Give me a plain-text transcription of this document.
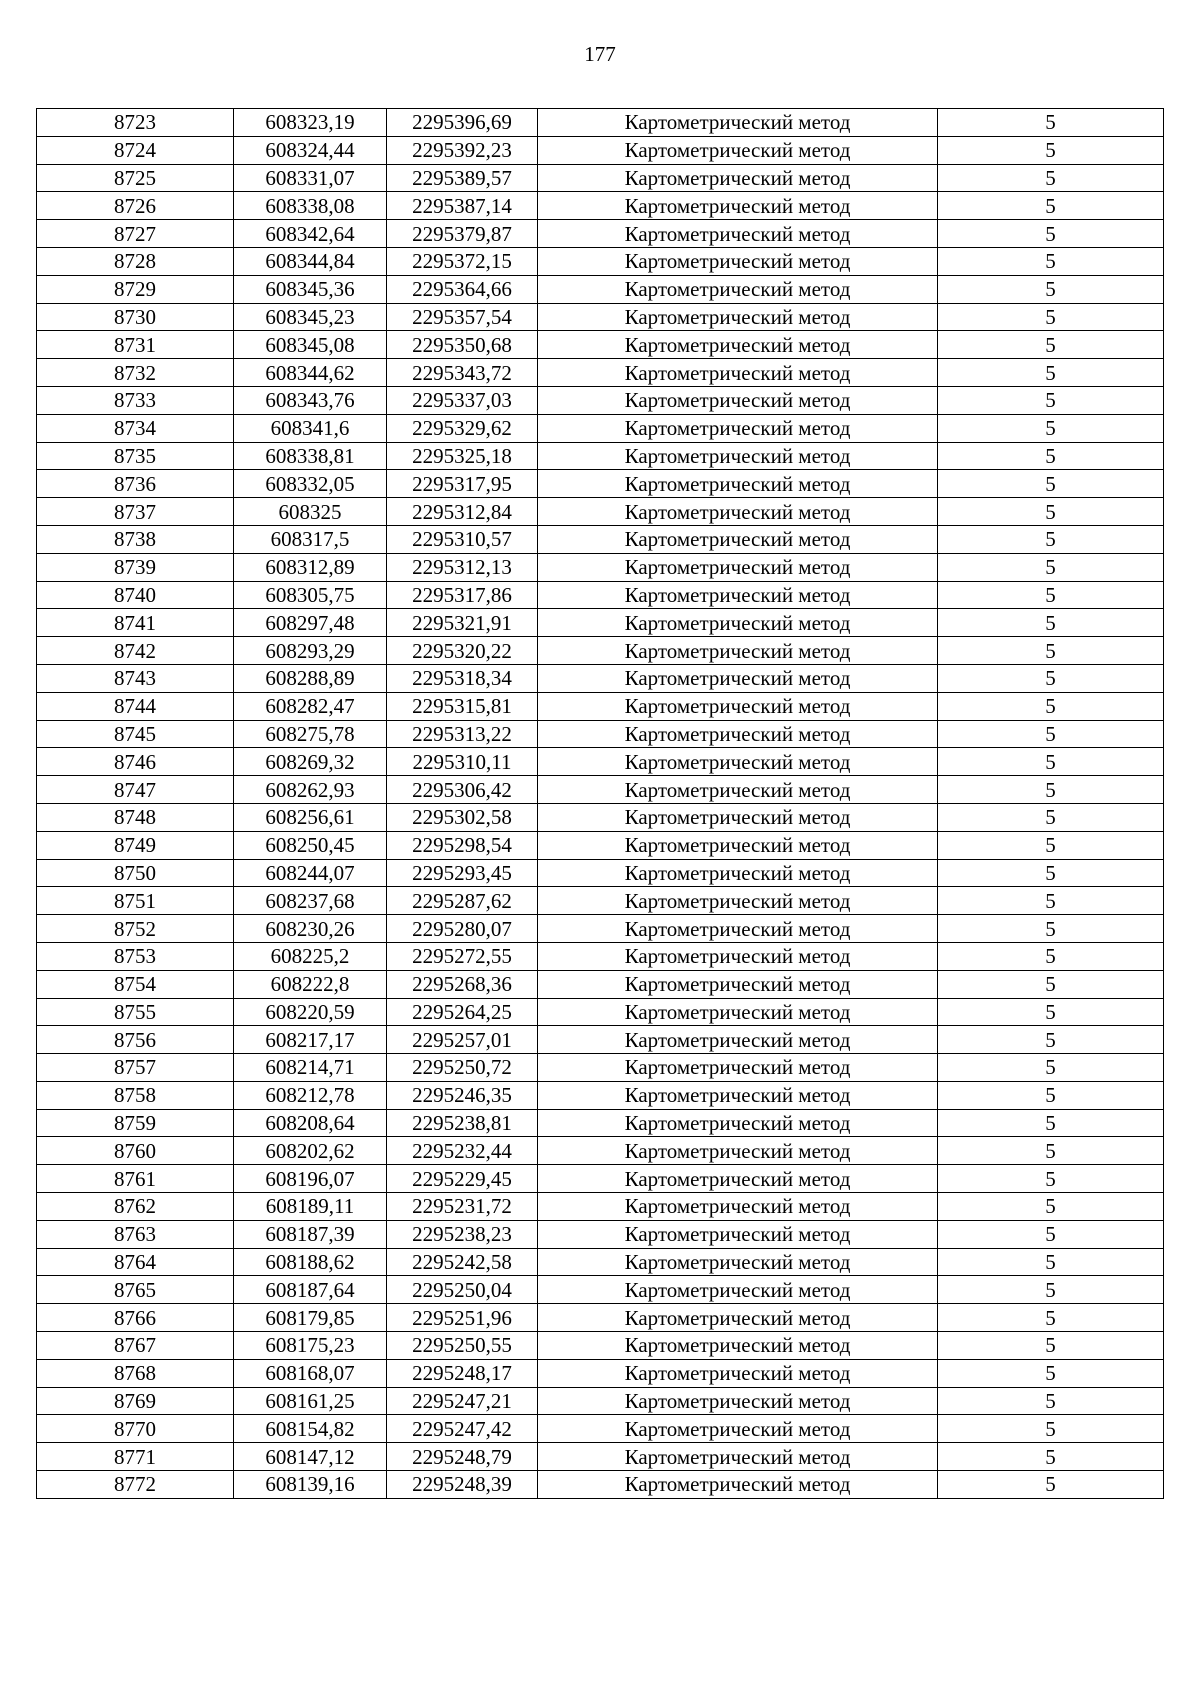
177
8723	608323,19	2295396,69	Картометрический метод	5
8724	608324,44	2295392,23	Картометрический метод	5
8725	608331,07	2295389,57	Картометрический метод	5
8726	608338,08	2295387,14	Картометрический метод	5
8727	608342,64	2295379,87	Картометрический метод	5
8728	608344,84	2295372,15	Картометрический метод	5
8729	608345,36	2295364,66	Картометрический метод	5
8730	608345,23	2295357,54	Картометрический метод	5
8731	608345,08	2295350,68	Картометрический метод	5
8732	608344,62	2295343,72	Картометрический метод	5
8733	608343,76	2295337,03	Картометрический метод	5
8734	608341,6	2295329,62	Картометрический метод	5
8735	608338,81	2295325,18	Картометрический метод	5
8736	608332,05	2295317,95	Картометрический метод	5
8737	608325	2295312,84	Картометрический метод	5
8738	608317,5	2295310,57	Картометрический метод	5
8739	608312,89	2295312,13	Картометрический метод	5
8740	608305,75	2295317,86	Картометрический метод	5
8741	608297,48	2295321,91	Картометрический метод	5
8742	608293,29	2295320,22	Картометрический метод	5
8743	608288,89	2295318,34	Картометрический метод	5
8744	608282,47	2295315,81	Картометрический метод	5
8745	608275,78	2295313,22	Картометрический метод	5
8746	608269,32	2295310,11	Картометрический метод	5
8747	608262,93	2295306,42	Картометрический метод	5
8748	608256,61	2295302,58	Картометрический метод	5
8749	608250,45	2295298,54	Картометрический метод	5
8750	608244,07	2295293,45	Картометрический метод	5
8751	608237,68	2295287,62	Картометрический метод	5
8752	608230,26	2295280,07	Картометрический метод	5
8753	608225,2	2295272,55	Картометрический метод	5
8754	608222,8	2295268,36	Картометрический метод	5
8755	608220,59	2295264,25	Картометрический метод	5
8756	608217,17	2295257,01	Картометрический метод	5
8757	608214,71	2295250,72	Картометрический метод	5
8758	608212,78	2295246,35	Картометрический метод	5
8759	608208,64	2295238,81	Картометрический метод	5
8760	608202,62	2295232,44	Картометрический метод	5
8761	608196,07	2295229,45	Картометрический метод	5
8762	608189,11	2295231,72	Картометрический метод	5
8763	608187,39	2295238,23	Картометрический метод	5
8764	608188,62	2295242,58	Картометрический метод	5
8765	608187,64	2295250,04	Картометрический метод	5
8766	608179,85	2295251,96	Картометрический метод	5
8767	608175,23	2295250,55	Картометрический метод	5
8768	608168,07	2295248,17	Картометрический метод	5
8769	608161,25	2295247,21	Картометрический метод	5
8770	608154,82	2295247,42	Картометрический метод	5
8771	608147,12	2295248,79	Картометрический метод	5
8772	608139,16	2295248,39	Картометрический метод	5
